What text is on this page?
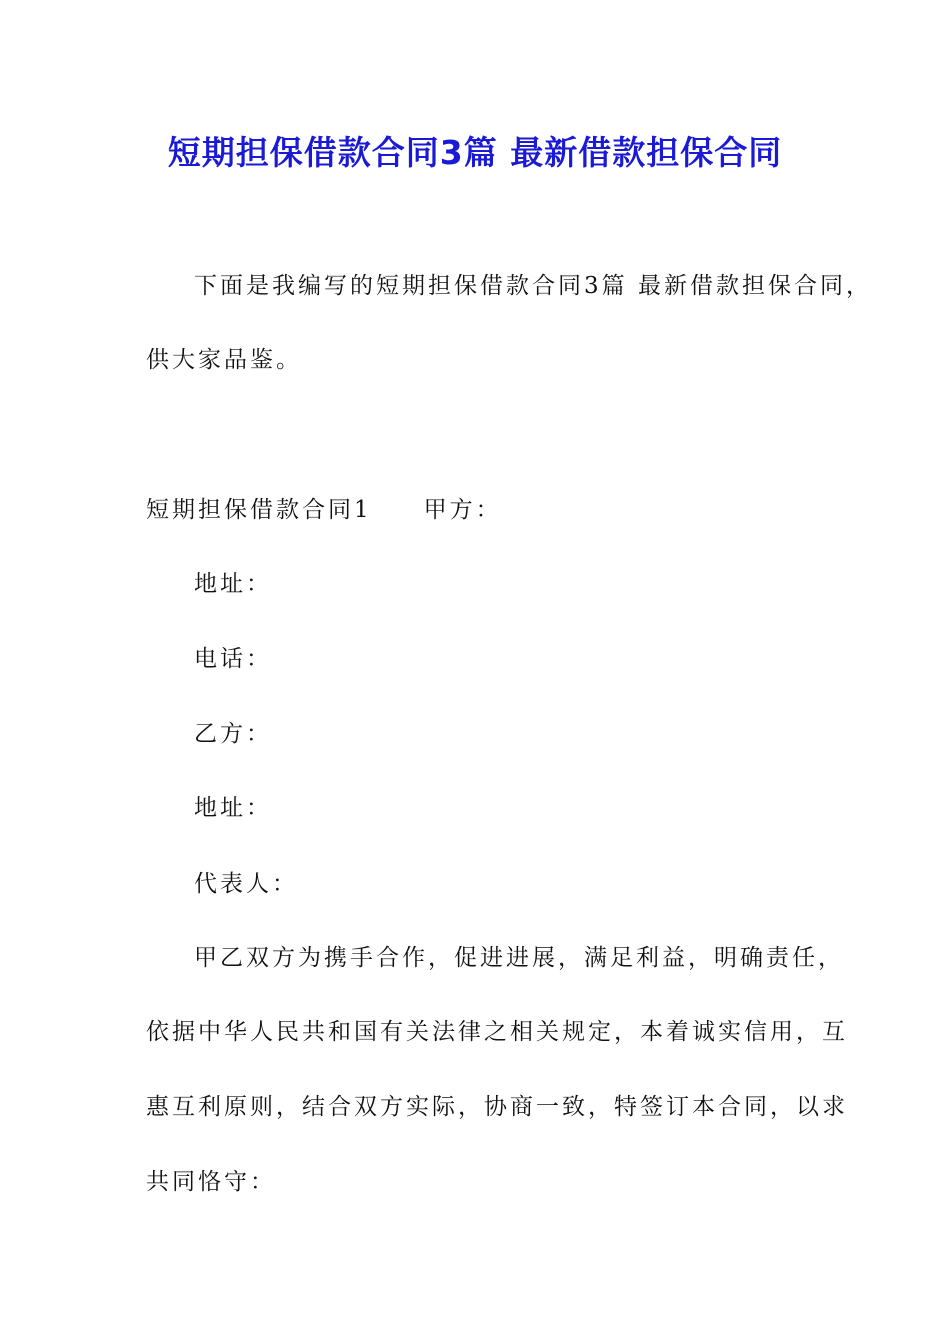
短期担保借款合同3篇 最新借款担保合同

下面是我编写的短期担保借款合同3篇 最新借款担保合同，

供大家品鉴。

短期担保借款合同1 甲方：

地址：

电话：

乙方：

地址：

代表人：

甲乙双方为携手合作，促进进展，满足利益，明确责任，

依据中华人民共和国有关法律之相关规定，本着诚实信用，互

惠互利原则，结合双方实际，协商一致，特签订本合同，以求

共同恪守：
